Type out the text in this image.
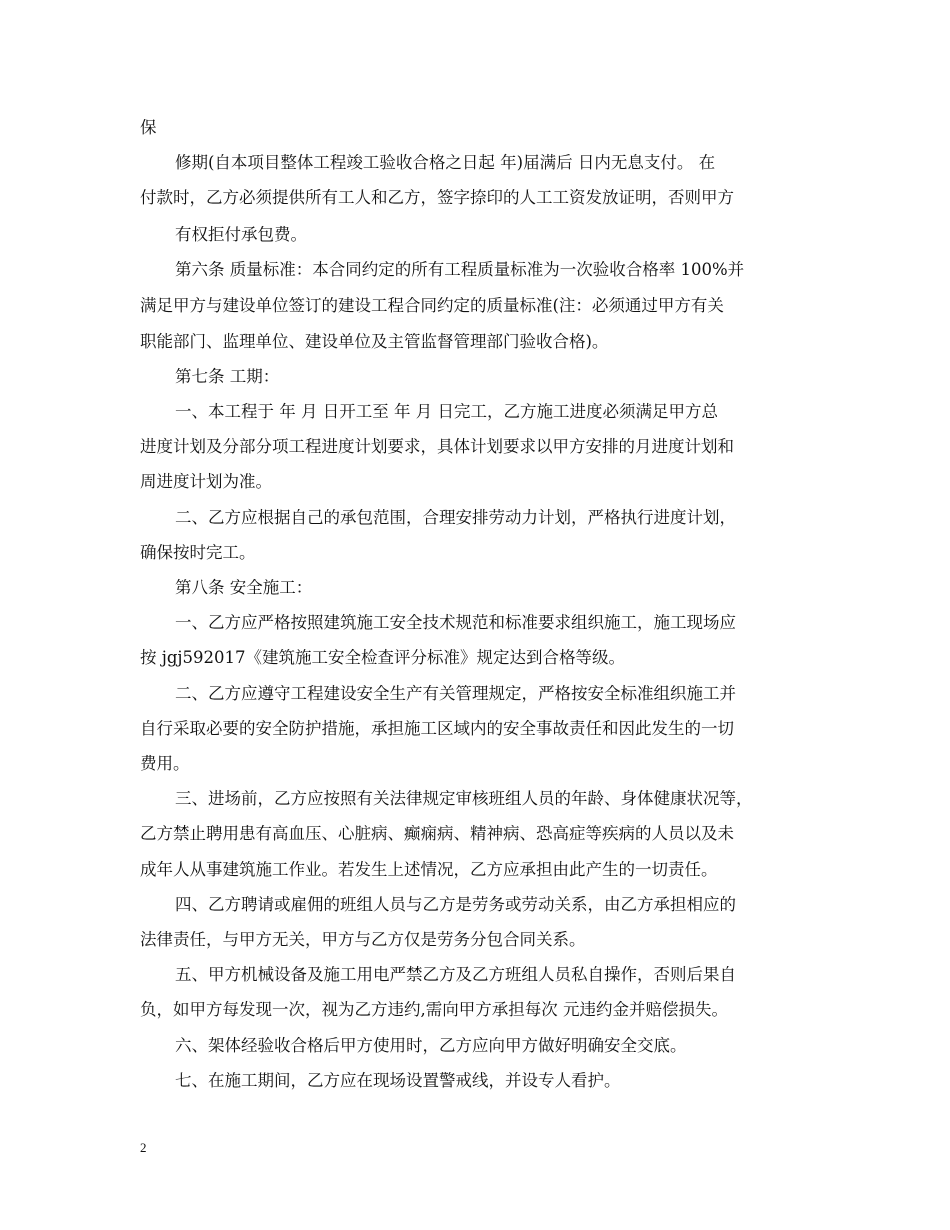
保
修期(自本项目整体工程竣工验收合格之日起 年)届满后 日内无息支付。 在
付款时，乙方必须提供所有工人和乙方，签字捺印的人工工资发放证明，否则甲方
有权拒付承包费。
第六条 质量标准：本合同约定的所有工程质量标准为一次验收合格率 100%并
满足甲方与建设单位签订的建设工程合同约定的质量标准(注：必须通过甲方有关
职能部门、监理单位、建设单位及主管监督管理部门验收合格)。
第七条 工期：
一、本工程于 年 月 日开工至 年 月 日完工，乙方施工进度必须满足甲方总
进度计划及分部分项工程进度计划要求，具体计划要求以甲方安排的月进度计划和
周进度计划为准。
二、乙方应根据自己的承包范围，合理安排劳动力计划，严格执行进度计划，
确保按时完工。
第八条 安全施工：
一、乙方应严格按照建筑施工安全技术规范和标准要求组织施工，施工现场应
按 jgj592017《建筑施工安全检查评分标准》规定达到合格等级。
二、乙方应遵守工程建设安全生产有关管理规定，严格按安全标准组织施工并
自行采取必要的安全防护措施，承担施工区域内的安全事故责任和因此发生的一切
费用。
三、进场前，乙方应按照有关法律规定审核班组人员的年龄、身体健康状况等，
乙方禁止聘用患有高血压、心脏病、癫痫病、精神病、恐高症等疾病的人员以及未
成年人从事建筑施工作业。若发生上述情况，乙方应承担由此产生的一切责任。
四、乙方聘请或雇佣的班组人员与乙方是劳务或劳动关系，由乙方承担相应的
法律责任，与甲方无关，甲方与乙方仅是劳务分包合同关系。
五、甲方机械设备及施工用电严禁乙方及乙方班组人员私自操作，否则后果自
负，如甲方每发现一次，视为乙方违约,需向甲方承担每次 元违约金并赔偿损失。
六、架体经验收合格后甲方使用时，乙方应向甲方做好明确安全交底。
七、在施工期间，乙方应在现场设置警戒线，并设专人看护。
2
